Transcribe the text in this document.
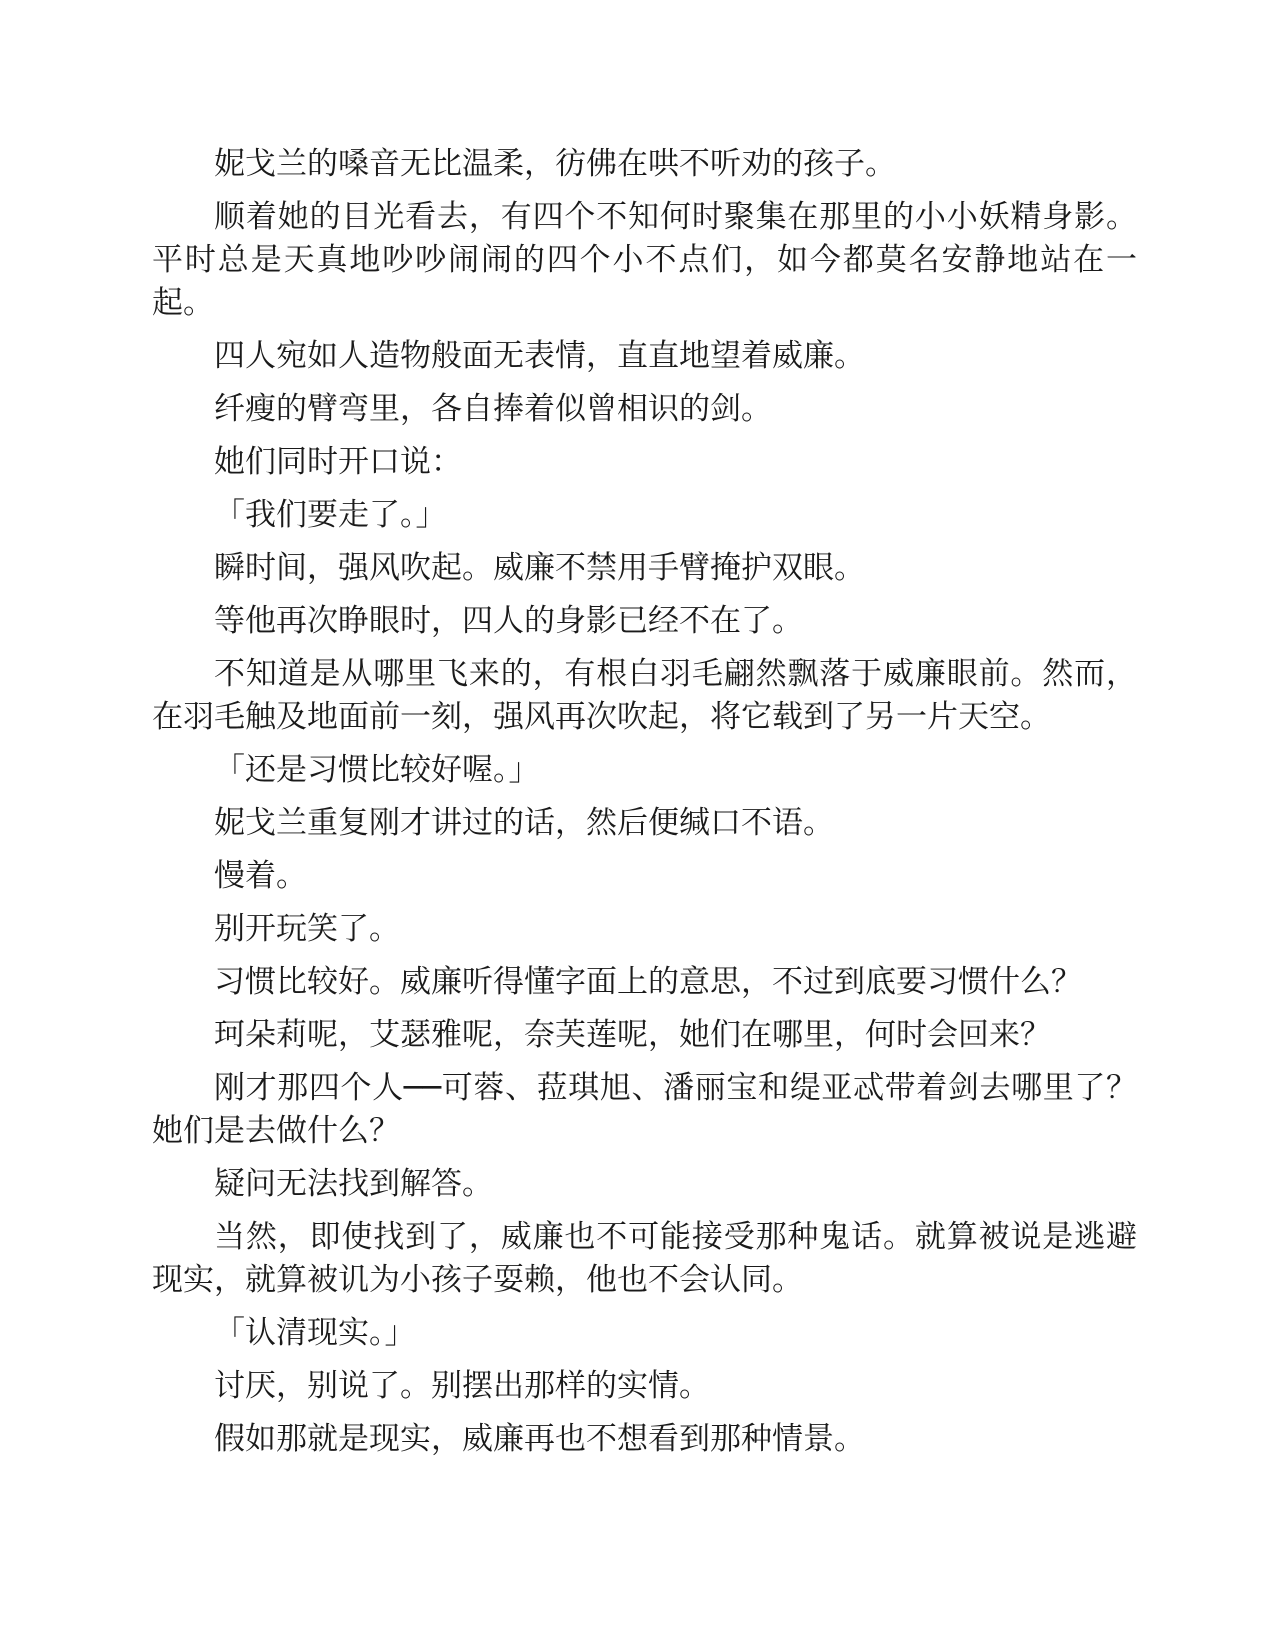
妮戈兰的嗓音无比温柔，彷佛在哄不听劝的孩子。

顺着她的目光看去，有四个不知何时聚集在那里的小小妖精身影。平时总是天真地吵吵闹闹的四个小不点们，如今都莫名安静地站在一起。

四人宛如人造物般面无表情，直直地望着威廉。

纤瘦的臂弯里，各自捧着似曾相识的剑。

她们同时开口说：

「我们要走了。」

瞬时间，强风吹起。威廉不禁用手臂掩护双眼。

等他再次睁眼时，四人的身影已经不在了。

不知道是从哪里飞来的，有根白羽毛翩然飘落于威廉眼前。然而，在羽毛触及地面前一刻，强风再次吹起，将它载到了另一片天空。

「还是习惯比较好喔。」

妮戈兰重复刚才讲过的话，然后便缄口不语。

慢着。

别开玩笑了。

习惯比较好。威廉听得懂字面上的意思，不过到底要习惯什么？

珂朵莉呢，艾瑟雅呢，奈芙莲呢，她们在哪里，何时会回来？

刚才那四个人──可蓉、菈琪旭、潘丽宝和缇亚忒带着剑去哪里了？她们是去做什么？

疑问无法找到解答。

当然，即使找到了，威廉也不可能接受那种鬼话。就算被说是逃避现实，就算被讥为小孩子耍赖，他也不会认同。

「认清现实。」

讨厌，别说了。别摆出那样的实情。

假如那就是现实，威廉再也不想看到那种情景。
